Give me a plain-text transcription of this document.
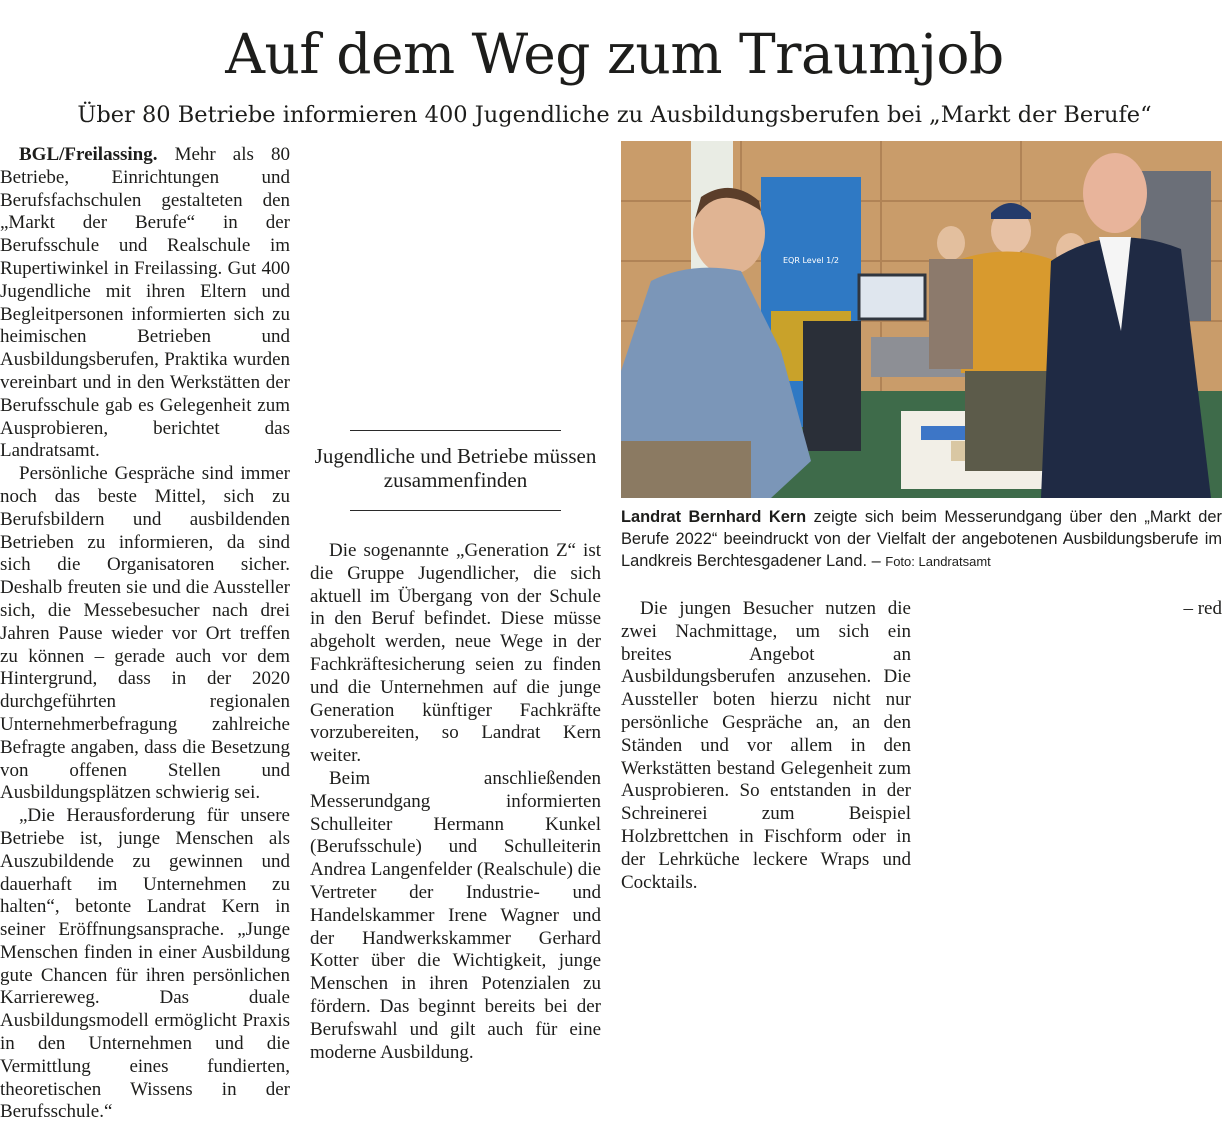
Auf dem Weg zum Traumjob
Über 80 Betriebe informieren 400 Jugendliche zu Ausbildungsberufen bei „Markt der Berufe“

BGL/Freilassing. Mehr als 80 Betriebe, Einrichtungen und Berufsfachschulen gestalteten den „Markt der Berufe“ in der Berufsschule und Realschule im Rupertiwinkel in Freilassing. Gut 400 Jugendliche mit ihren Eltern und Begleitpersonen informierten sich zu heimischen Betrieben und Ausbildungsberufen, Praktika wurden vereinbart und in den Werkstätten der Berufsschule gab es Gelegenheit zum Ausprobieren, berichtet das Landratsamt.

Persönliche Gespräche sind immer noch das beste Mittel, sich zu Berufsbildern und ausbildenden Betrieben zu informieren, da sind sich die Organisatoren sicher. Deshalb freuten sie und die Aussteller sich, die Messebesucher nach drei Jahren Pause wieder vor Ort treffen zu können – gerade auch vor dem Hintergrund, dass in der 2020 durchgeführten regionalen Unternehmerbefragung zahlreiche Befragte angaben, dass die Besetzung von offenen Stellen und Ausbildungsplätzen schwierig sei.

„Die Herausforderung für unsere Betriebe ist, junge Menschen als Auszubildende zu gewinnen und dauerhaft im Unternehmen zu halten“, betonte Landrat Kern in seiner Eröffnungsansprache. „Junge Menschen finden in einer Ausbildung gute Chancen für ihren persönlichen Karriereweg. Das duale Ausbildungsmodell ermöglicht Praxis in den Unternehmen und die Vermittlung eines fundierten, theoretischen Wissens in der Berufsschule.“

Jugendliche und Betriebe müssen zusammenfinden

Die sogenannte „Generation Z“ ist die Gruppe Jugendlicher, die sich aktuell im Übergang von der Schule in den Beruf befindet. Diese müsse abgeholt werden, neue Wege in der Fachkräftesicherung seien zu finden und die Unternehmen auf die junge Generation künftiger Fachkräfte vorzubereiten, so Landrat Kern weiter.

Beim anschließenden Messerundgang informierten Schulleiter Hermann Kunkel (Berufsschule) und Schulleiterin Andrea Langenfelder (Realschule) die Vertreter der Industrie- und Handelskammer Irene Wagner und der Handwerkskammer Gerhard Kotter über die Wichtigkeit, junge Menschen in ihren Potenzialen zu fördern. Das beginnt bereits bei der Berufswahl und gilt auch für eine moderne Ausbildung.

EQR Level 1/2

Landrat Bernhard Kern zeigte sich beim Messerundgang über den „Markt der Berufe 2022“ beeindruckt von der Vielfalt der angebotenen Ausbildungsberufe im Landkreis Berchtesgadener Land. – Foto: Landratsamt

Die jungen Besucher nutzen die zwei Nachmittage, um sich ein breites Angebot an Ausbildungsberufen anzusehen. Die Aussteller boten hierzu nicht nur persönliche Gespräche an, an den Ständen und vor allem in den Werkstätten bestand Gelegenheit zum Ausprobieren. So entstanden in der Schreinerei zum Beispiel Holzbrettchen in Fischform oder in der Lehrküche leckere Wraps und Cocktails.

– red
